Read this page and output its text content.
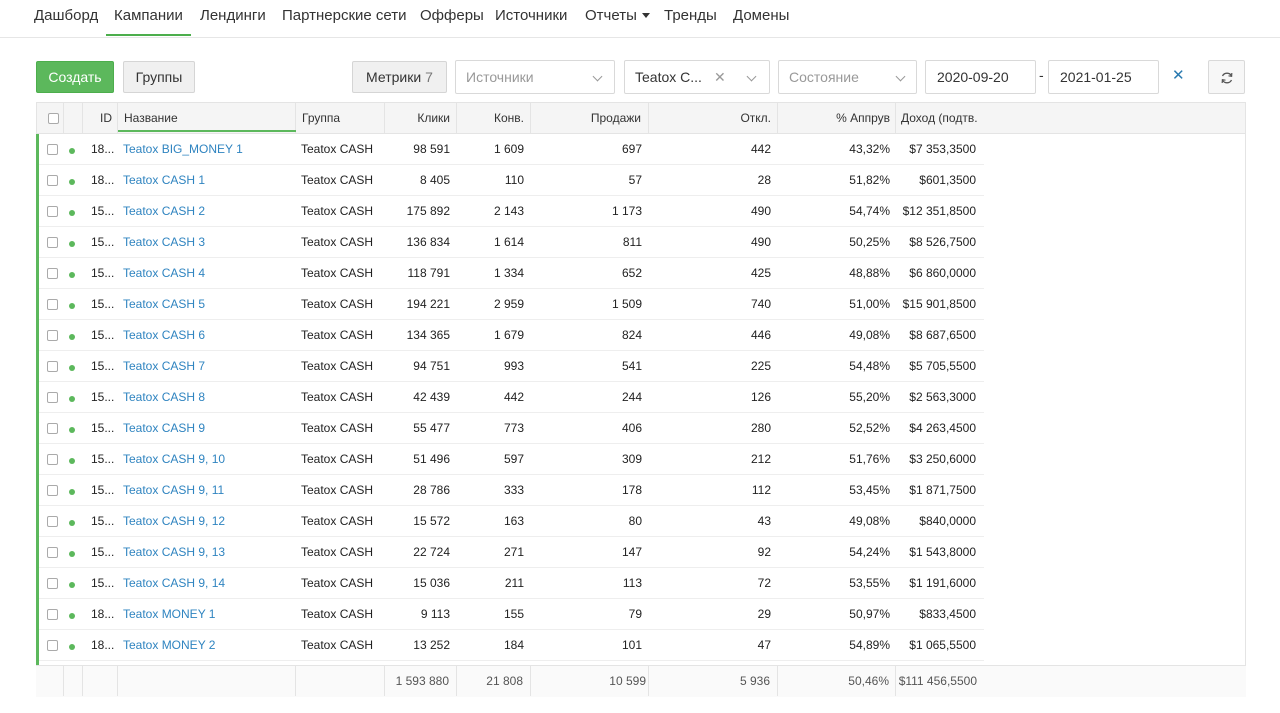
Дашборд	Кампании	Лендинги Партнерские сети Офферы Источники Отчеты	Тренды Домены
Создать	Группы	Метрики 7	Источники	Teatox C... ✕	Состояние	2020-09-20	-	2021-01-25	✕
ID Название	Группа	Клики	Конв.	Продажи	Откл.	% Аппрув Доход (подтв.
18... Teatox BIG_MONEY 1	Teatox CASH	98 591	1 609	697	442	43,32%	$7 353,3500
18... Teatox CASH 1	Teatox CASH	8 405	110	57	28	51,82%	$601,3500
15... Teatox CASH 2	Teatox CASH	175 892	2 143	1 173	490	54,74%	$12 351,8500
15... Teatox CASH 3	Teatox CASH	136 834	1 614	811	490	50,25%	$8 526,7500
15... Teatox CASH 4	Teatox CASH	118 791	1 334	652	425	48,88%	$6 860,0000
15... Teatox CASH 5	Teatox CASH	194 221	2 959	1 509	740	51,00%	$15 901,8500
15... Teatox CASH 6	Teatox CASH	134 365	1 679	824	446	49,08%	$8 687,6500
15... Teatox CASH 7	Teatox CASH	94 751	993	541	225	54,48%	$5 705,5500
15... Teatox CASH 8	Teatox CASH	42 439	442	244	126	55,20%	$2 563,3000
15... Teatox CASH 9	Teatox CASH	55 477	773	406	280	52,52%	$4 263,4500
15... Teatox CASH 9, 10	Teatox CASH	51 496	597	309	212	51,76%	$3 250,6000
15... Teatox CASH 9, 11	Teatox CASH	28 786	333	178	112	53,45%	$1 871,7500
15... Teatox CASH 9, 12	Teatox CASH	15 572	163	80	43	49,08%	$840,0000
15... Teatox CASH 9, 13	Teatox CASH	22 724	271	147	92	54,24%	$1 543,8000
15... Teatox CASH 9, 14	Teatox CASH	15 036	211	113	72	53,55%	$1 191,6000
18... Teatox MONEY 1	Teatox CASH	9 113	155	79	29	50,97%	$833,4500
18... Teatox MONEY 2	Teatox CASH	13 252	184	101	47	54,89%	$1 065,5500
1 593 880	21 808	10 599	5 936	50,46% $111 456,5500
